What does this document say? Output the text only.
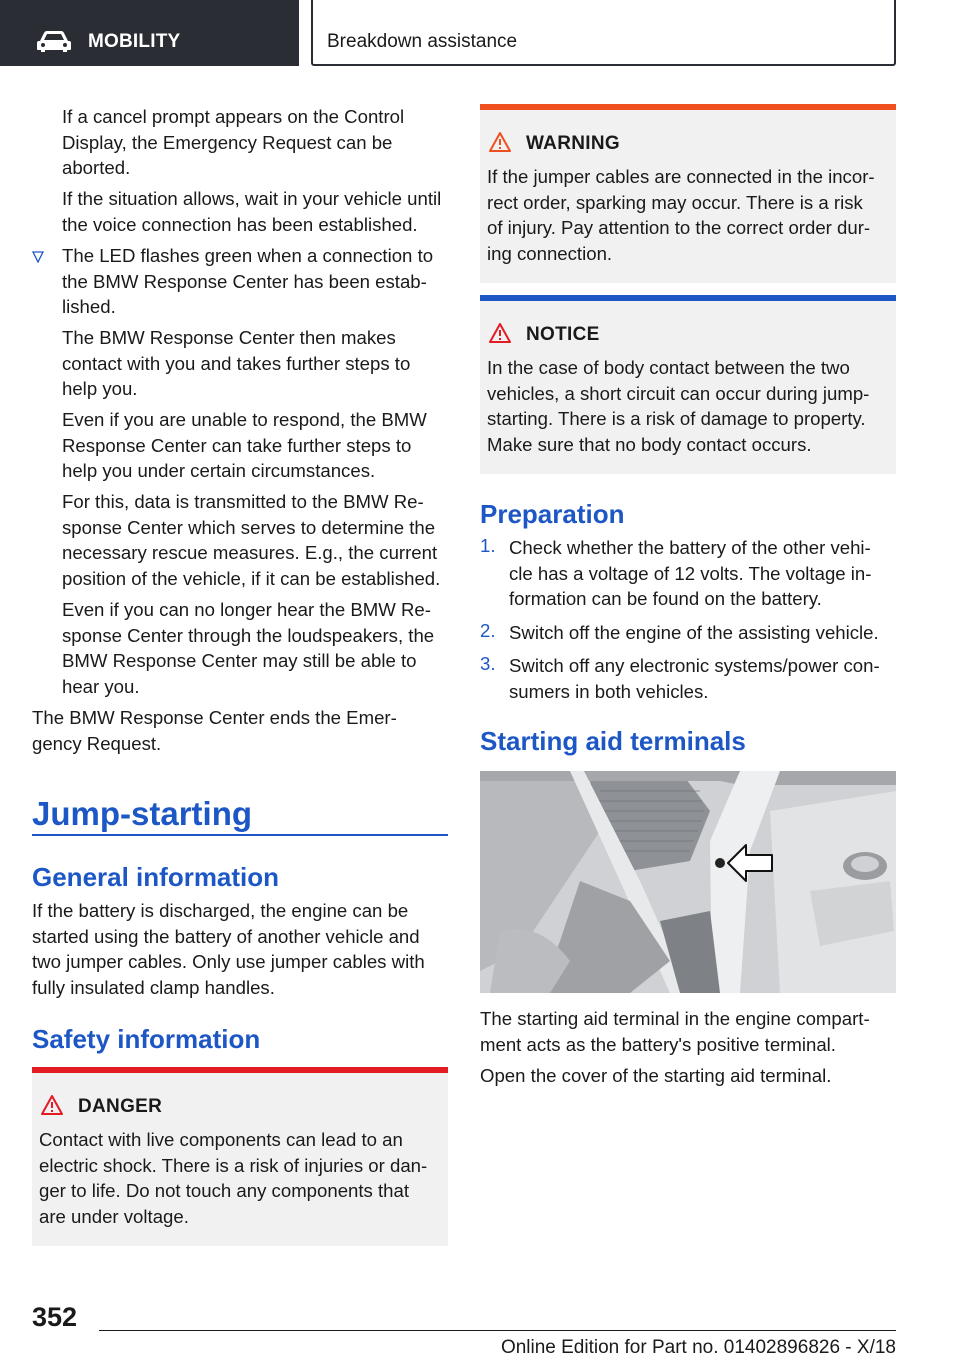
MOBILITY	Breakdown assistance
If a cancel prompt appears on the Control
Display, the Emergency Request can be
aborted.
If the situation allows, wait in your vehicle until
the voice connection has been established.
The LED flashes green when a connection to
the BMW Response Center has been estab-
lished.
The BMW Response Center then makes
contact with you and takes further steps to
help you.
Even if you are unable to respond, the BMW
Response Center can take further steps to
help you under certain circumstances.
For this, data is transmitted to the BMW Re-
sponse Center which serves to determine the
necessary rescue measures. E.g., the current
position of the vehicle, if it can be established.
Even if you can no longer hear the BMW Re-
sponse Center through the loudspeakers, the
BMW Response Center may still be able to
hear you.
The BMW Response Center ends the Emer-
gency Request.
Jump-starting
General information
If the battery is discharged, the engine can be
started using the battery of another vehicle and
two jumper cables. Only use jumper cables with
fully insulated clamp handles.
Safety information
DANGER
Contact with live components can lead to an
electric shock. There is a risk of injuries or dan-
ger to life. Do not touch any components that
are under voltage.
WARNING
If the jumper cables are connected in the incor-
rect order, sparking may occur. There is a risk
of injury. Pay attention to the correct order dur-
ing connection.
NOTICE
In the case of body contact between the two
vehicles, a short circuit can occur during jump-
starting. There is a risk of damage to property.
Make sure that no body contact occurs.
Preparation
1. Check whether the battery of the other vehi-
cle has a voltage of 12 volts. The voltage in-
formation can be found on the battery.
2. Switch off the engine of the assisting vehicle.
3. Switch off any electronic systems/power con-
sumers in both vehicles.
Starting aid terminals
The starting aid terminal in the engine compart-
ment acts as the battery's positive terminal.
Open the cover of the starting aid terminal.
352
Online Edition for Part no. 01402896826 - X/18
